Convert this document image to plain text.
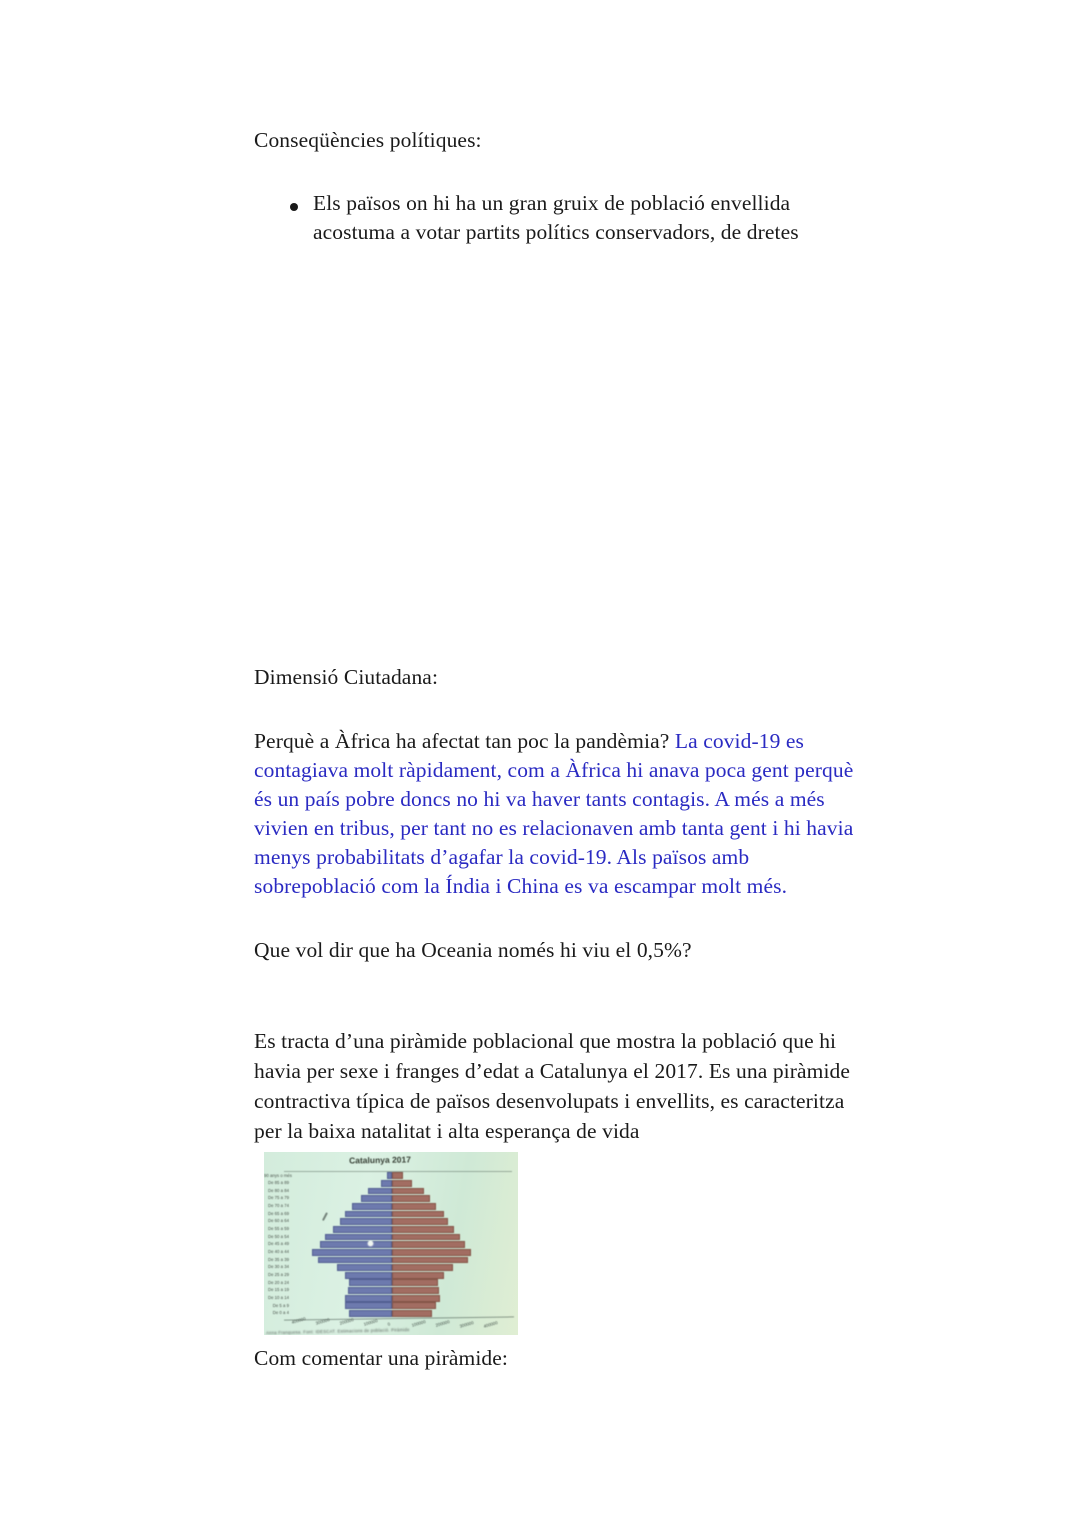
Conseqüències polítiques:
Els països on hi ha un gran gruix de població envellida
acostuma a votar partits polítics conservadors, de dretes
Dimensió Ciutadana:
Perquè a Àfrica ha afectat tan poc la pandèmia? La covid-19 es
contagiava molt ràpidament, com a Àfrica hi anava poca gent perquè
és un país pobre doncs no hi va haver tants contagis. A més a més
vivien en tribus, per tant no es relacionaven amb tanta gent i hi havia
menys probabilitats d’agafar la covid-19. Als països amb
sobrepoblació com la Índia i China es va escampar molt més.
Que vol dir que ha Oceania només hi viu el 0,5%?
Es tracta d’una piràmide poblacional que mostra la població que hi
havia per sexe i franges d’edat a Catalunya el 2017. Es una piràmide
contractiva típica de països desenvolupats i envellits, es caracteritza
per la baixa natalitat i alta esperança de vida
Catalunya 2017
90 anys o més
De 85 a 89
De 80 a 84
De 75 a 79
De 70 a 74
De 65 a 69
De 60 a 64
De 55 a 59
De 50 a 54
De 45 a 49
De 40 a 44
De 35 a 39
De 30 a 34
De 25 a 29
De 20 a 24
De 15 a 19
De 10 a 14
De 5 a 9
De 0 a 4
400000 300000 200000 100000 0	100000 200000 300000 400000
Anna Franquesa. Font: IDESCAT. Estimacions de població. Piràmide
Com comentar una piràmide:
